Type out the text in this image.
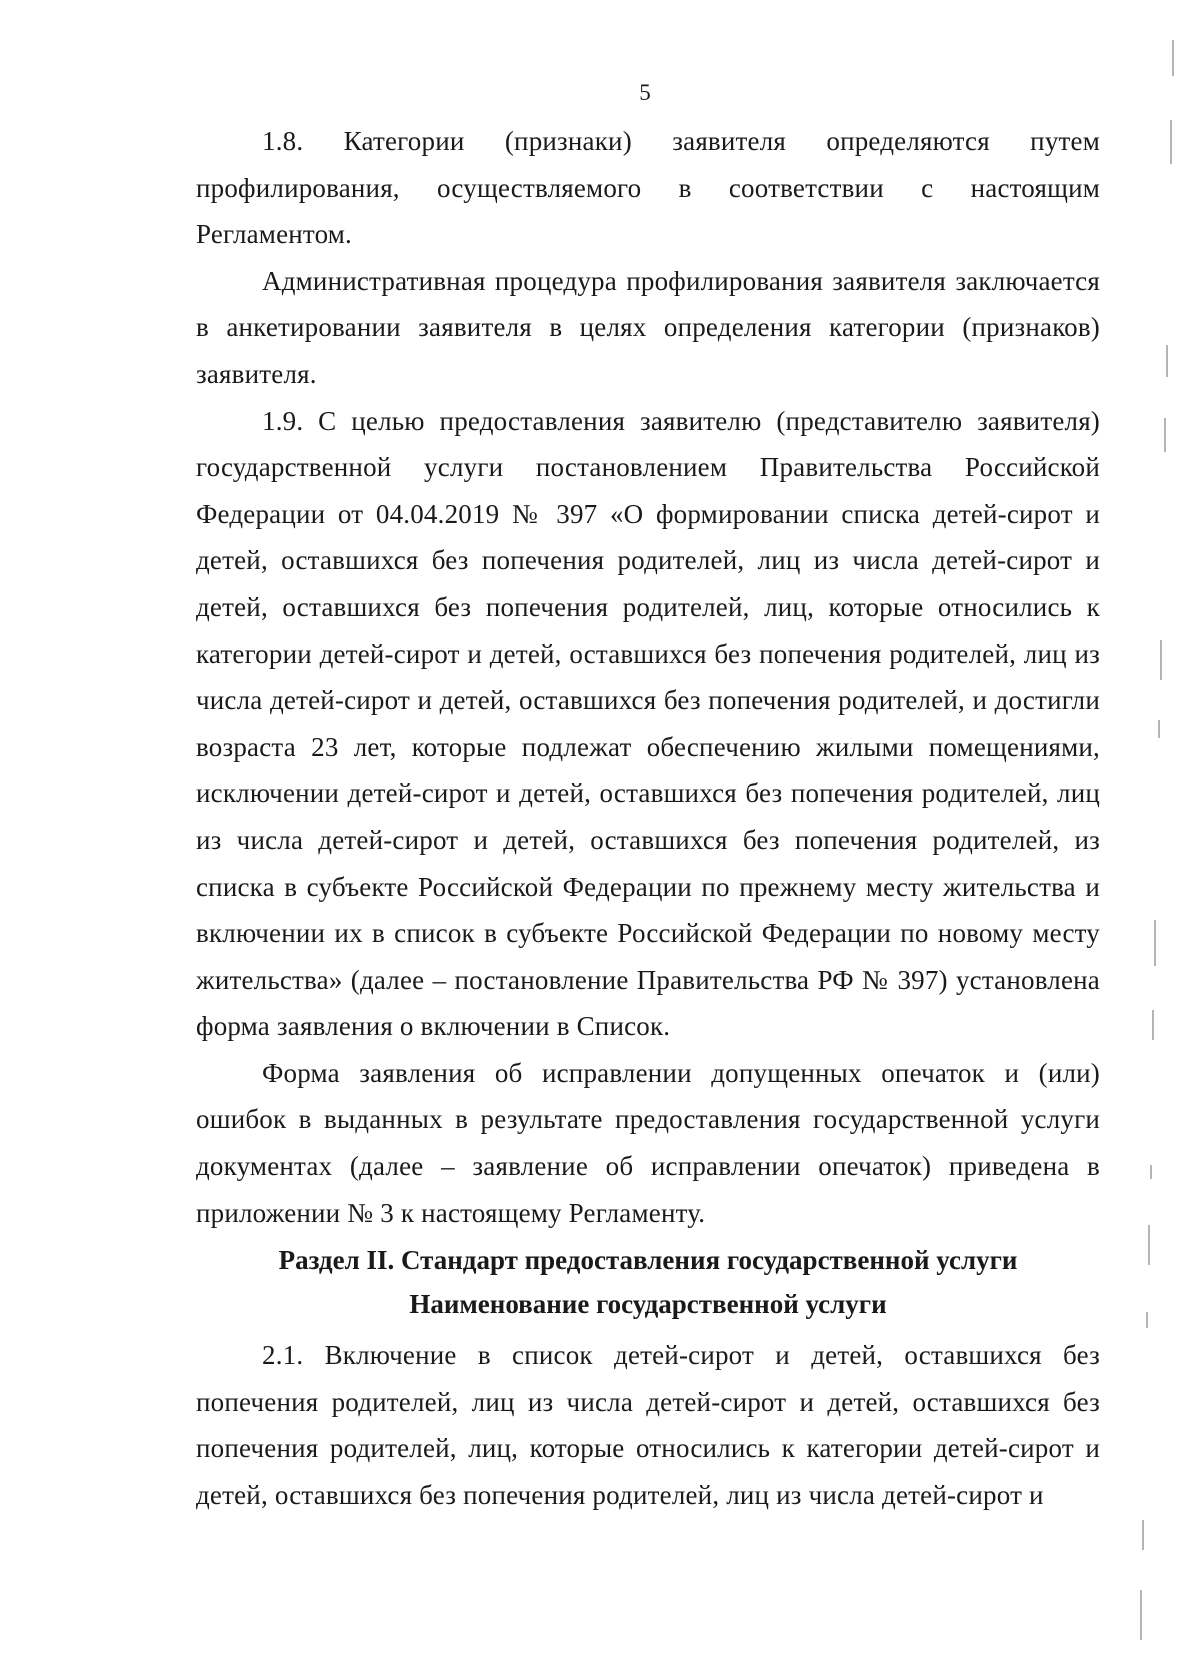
5

1.8. Категории (признаки) заявителя определяются путем профилирования, осуществляемого в соответствии с настоящим Регламентом.

Административная процедура профилирования заявителя заключается в анкетировании заявителя в целях определения категории (признаков) заявителя.

1.9. С целью предоставления заявителю (представителю заявителя) государственной услуги постановлением Правительства Российской Федерации от 04.04.2019 № 397 «О формировании списка детей-сирот и детей, оставшихся без попечения родителей, лиц из числа детей-сирот и детей, оставшихся без попечения родителей, лиц, которые относились к категории детей-сирот и детей, оставшихся без попечения родителей, лиц из числа детей-сирот и детей, оставшихся без попечения родителей, и достигли возраста 23 лет, которые подлежат обеспечению жилыми помещениями, исключении детей-сирот и детей, оставшихся без попечения родителей, лиц из числа детей-сирот и детей, оставшихся без попечения родителей, из списка в субъекте Российской Федерации по прежнему месту жительства и включении их в список в субъекте Российской Федерации по новому месту жительства» (далее – постановление Правительства РФ № 397) установлена форма заявления о включении в Список.

Форма заявления об исправлении допущенных опечаток и (или) ошибок в выданных в результате предоставления государственной услуги документах (далее – заявление об исправлении опечаток) приведена в приложении № 3 к настоящему Регламенту.

Раздел II. Стандарт предоставления государственной услуги

Наименование государственной услуги

2.1. Включение в список детей-сирот и детей, оставшихся без попечения родителей, лиц из числа детей-сирот и детей, оставшихся без попечения родителей, лиц, которые относились к категории детей-сирот и детей, оставшихся без попечения родителей, лиц из числа детей-сирот и
